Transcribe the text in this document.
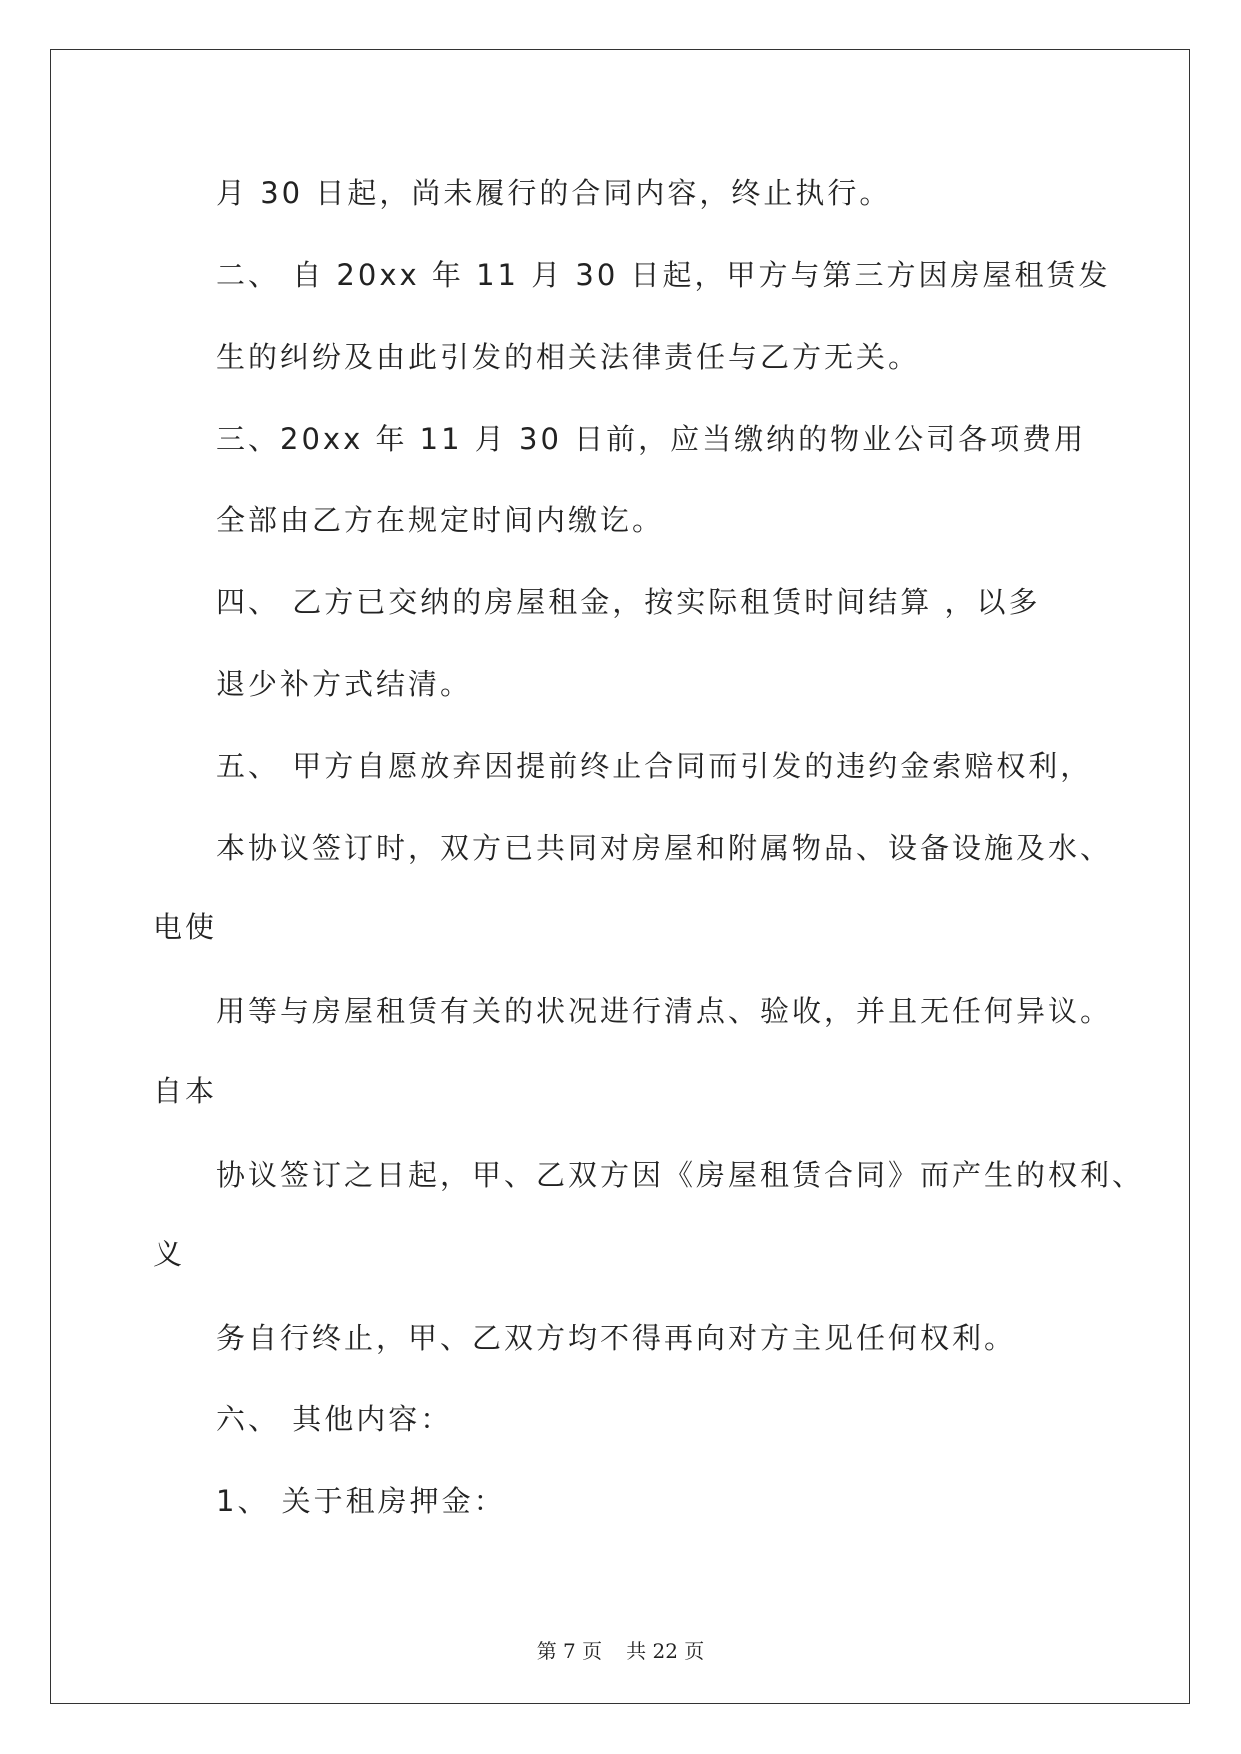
月 30 日起，尚未履行的合同内容，终止执行。

二、 自 20xx 年 11 月 30 日起，甲方与第三方因房屋租赁发

生的纠纷及由此引发的相关法律责任与乙方无关。

三、20xx 年 11 月 30 日前，应当缴纳的物业公司各项费用

全部由乙方在规定时间内缴讫。

四、 乙方已交纳的房屋租金，按实际租赁时间结算 ，以多

退少补方式结清。

五、 甲方自愿放弃因提前终止合同而引发的违约金索赔权利，

本协议签订时，双方已共同对房屋和附属物品、设备设施及水、

电使

用等与房屋租赁有关的状况进行清点、验收，并且无任何异议。

自本

协议签订之日起，甲、乙双方因《房屋租赁合同》而产生的权利、

义

务自行终止，甲、乙双方均不得再向对方主见任何权利。

六、 其他内容：

1、 关于租房押金：

第 7 页 共 22 页
